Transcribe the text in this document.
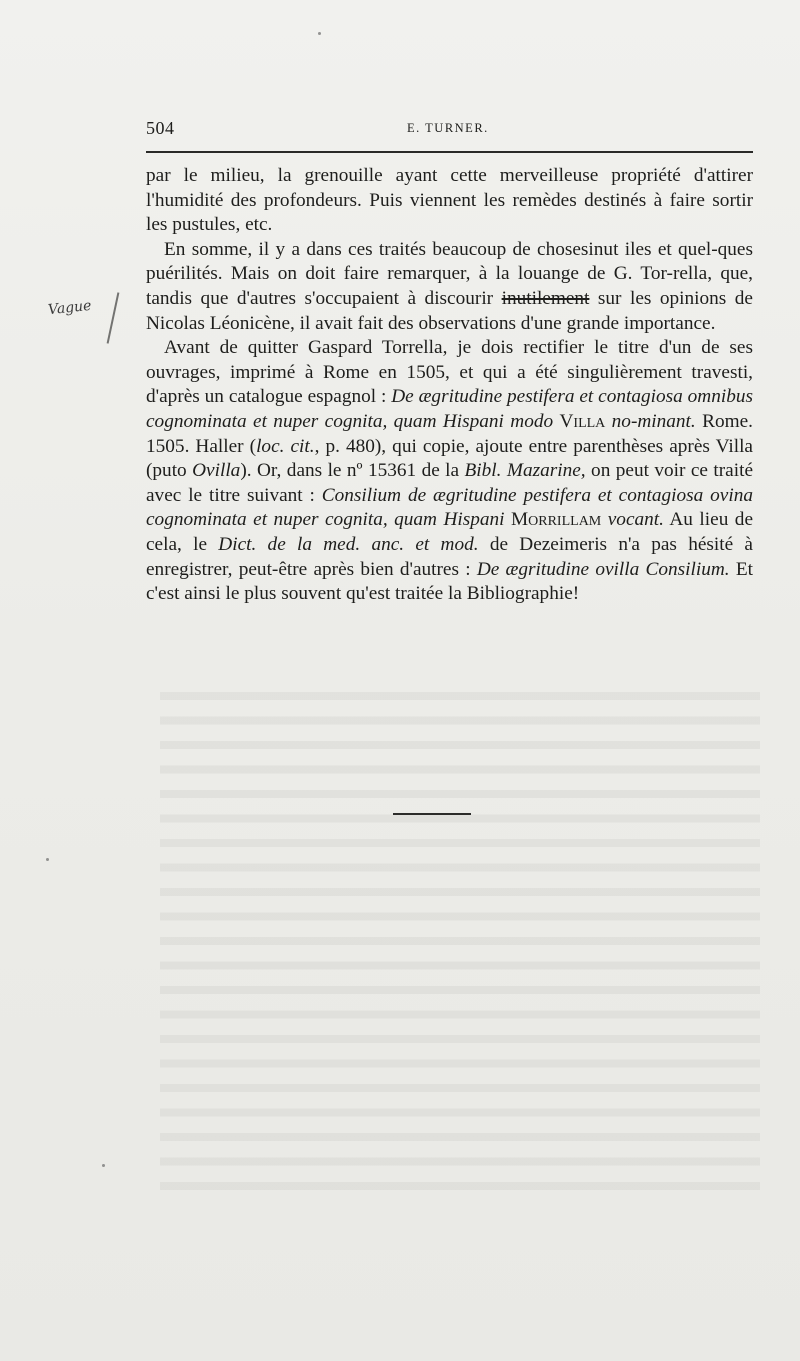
504	E. TURNER.
Vague

par le milieu, la grenouille ayant cette merveilleuse propriété d'attirer l'humidité des profondeurs. Puis viennent les remèdes destinés à faire sortir les pustules, etc.

En somme, il y a dans ces traités beaucoup de chosesinut iles et quel-ques puérilités. Mais on doit faire remarquer, à la louange de G. Tor-rella, que, tandis que d'autres s'occupaient à discourir inutilement sur les opinions de Nicolas Léonicène, il avait fait des observations d'une grande importance.

Avant de quitter Gaspard Torrella, je dois rectifier le titre d'un de ses ouvrages, imprimé à Rome en 1505, et qui a été singulièrement travesti, d'après un catalogue espagnol : De ægritudine pestifera et contagiosa omnibus cognominata et nuper cognita, quam Hispani modo Villa no-minant. Rome. 1505. Haller (loc. cit., p. 480), qui copie, ajoute entre parenthèses après Villa (puto Ovilla). Or, dans le nº 15361 de la Bibl. Mazarine, on peut voir ce traité avec le titre suivant : Consilium de ægritudine pestifera et contagiosa ovina cognominata et nuper cognita, quam Hispani Morrillam vocant. Au lieu de cela, le Dict. de la med. anc. et mod. de Dezeimeris n'a pas hésité à enregistrer, peut-être après bien d'autres : De ægritudine ovilla Consilium. Et c'est ainsi le plus souvent qu'est traitée la Bibliographie!
